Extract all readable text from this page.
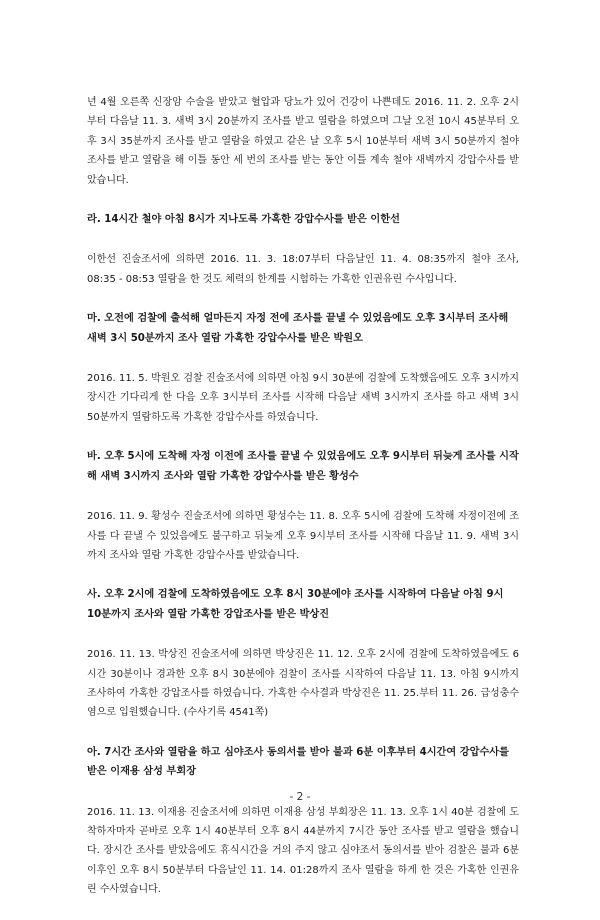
년 4월 오른쪽 신장암 수술을 받았고 혈압과 당뇨가 있어 건강이 나쁜데도 2016. 11. 2. 오후 2시부터 다음날 11. 3. 새벽 3시 20분까지 조사를 받고 열람을 하였으며 그날 오전 10시 45분부터 오후 3시 35분까지 조사를 받고 열람을 하였고 같은 날 오후 5시 10분부터 새벽 3시 50분까지 철야 조사를 받고 열람을 해 이틀 동안 세 번의 조사를 받는 동안 이틀 계속 철야 새벽까지 강압수사를 받았습니다.

라. 14시간 철야 아침 8시가 지나도록 가혹한 강압수사를 받은 이한선

이한선 진술조서에 의하면 2016. 11. 3. 18:07부터 다음날인 11. 4. 08:35까지 철야 조사, 08:35 - 08:53 열람을 한 것도 체력의 한계를 시험하는 가혹한 인권유린 수사입니다.

마. 오전에 검찰에 출석해 얼마든지 자정 전에 조사를 끝낼 수 있었음에도 오후 3시부터 조사해 새벽 3시 50분까지 조사 열람 가혹한 강압수사를 받은 박원오

2016. 11. 5. 박원오 검찰 진술조서에 의하면 아침 9시 30분에 검찰에 도착했음에도 오후 3시까지 장시간 기다리게 한 다음 오후 3시부터 조사를 시작해 다음날 새벽 3시까지 조사를 하고 새벽 3시 50분까지 열람하도록 가혹한 강압수사를 하였습니다.

바. 오후 5시에 도착해 자정 이전에 조사를 끝낼 수 있었음에도 오후 9시부터 뒤늦게 조사를 시작해 새벽 3시까지 조사와 열람 가혹한 강압수사를 받은 황성수

2016. 11. 9. 황성수 진술조서에 의하면 황성수는 11. 8. 오후 5시에 검찰에 도착해 자정이전에 조사를 다 끝낼 수 있었음에도 불구하고 뒤늦게 오후 9시부터 조사를 시작해 다음날 11. 9. 새벽 3시까지 조사와 열람 가혹한 강압수사를 받았습니다.

사. 오후 2시에 검찰에 도착하였음에도 오후 8시 30분에야 조사를 시작하여 다음날 아침 9시 10분까지 조사와 열람 가혹한 강압조사를 받은 박상진

2016. 11. 13. 박상진 진술조서에 의하면 박상진은 11. 12. 오후 2시에 검찰에 도착하였음에도 6시간 30분이나 경과한 오후 8시 30분에야 검찰이 조사를 시작하여 다음날 11. 13. 아침 9시까지 조사하여 가혹한 강압조사를 하였습니다. 가혹한 수사결과 박상진은 11. 25.부터 11. 26. 급성충수염으로 입원했습니다. (수사기록 4541쪽)

아. 7시간 조사와 열람을 하고 심야조사 동의서를 받아 불과 6분 이후부터 4시간여 강압수사를 받은 이재용 삼성 부회장

2016. 11. 13. 이재용 진술조서에 의하면 이재용 삼성 부회장은 11. 13. 오후 1시 40분 검찰에 도착하자마자 곧바로 오후 1시 40분부터 오후 8시 44분까지 7시간 동안 조사를 받고 열람을 했습니다. 장시간 조사를 받았음에도 휴식시간을 거의 주지 않고 심야조서 동의서를 받아 검찰은 불과 6분 이후인 오후 8시 50분부터 다음날인 11. 14. 01:28까지 조사 열람을 하게 한 것은 가혹한 인권유린 수사였습니다.

- 2 -
